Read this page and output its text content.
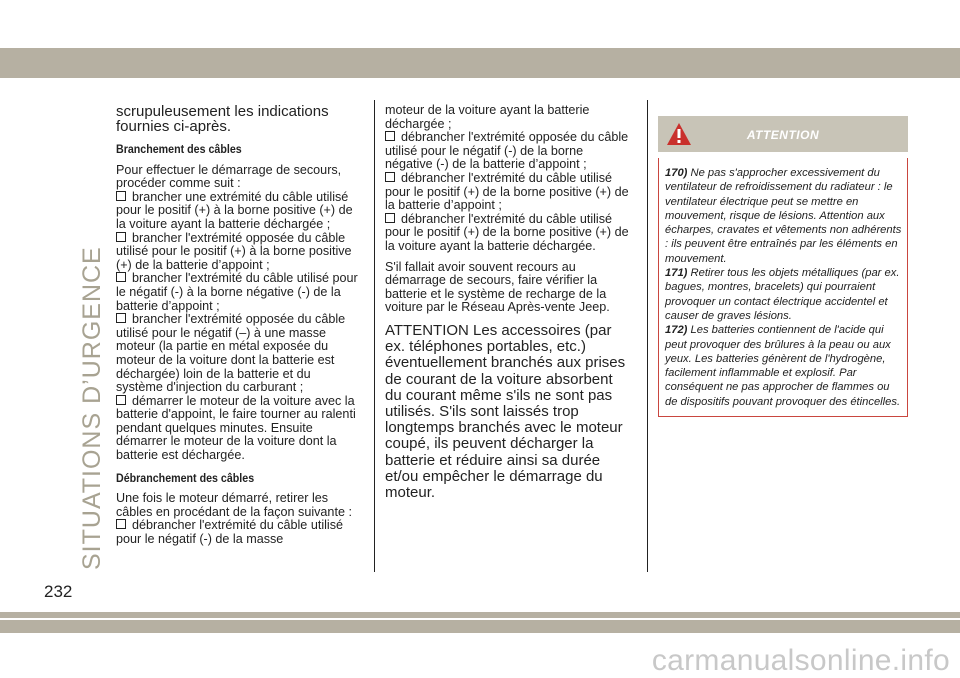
SITUATIONS D’URGENCE

scrupuleusement les indications fournies ci-après.

Branchement des câbles

Pour effectuer le démarrage de secours, procéder comme suit :

brancher une extrémité du câble utilisé pour le positif (+) à la borne positive (+) de la voiture ayant la batterie déchargée ;

brancher l'extrémité opposée du câble utilisé pour le positif (+) à la borne positive (+) de la batterie d’appoint ;

brancher l'extrémité du câble utilisé pour le négatif (-) à la borne négative (-) de la batterie d’appoint ;

brancher l'extrémité opposée du câble utilisé pour le négatif (–) à une masse moteur (la partie en métal exposée du moteur de la voiture dont la batterie est déchargée) loin de la batterie et du système d'injection du carburant ;

démarrer le moteur de la voiture avec la batterie d'appoint, le faire tourner au ralenti pendant quelques minutes. Ensuite démarrer le moteur de la voiture dont la batterie est déchargée.

Débranchement des câbles

Une fois le moteur démarré, retirer les câbles en procédant de la façon suivante :

débrancher l'extrémité du câble utilisé pour le négatif (-) de la masse

moteur de la voiture ayant la batterie déchargée ;

débrancher l'extrémité opposée du câble utilisé pour le négatif (-) de la borne négative (-) de la batterie d’appoint ;

débrancher l'extrémité du câble utilisé pour le positif (+) de la borne positive (+) de la batterie d’appoint ;

débrancher l'extrémité du câble utilisé pour le positif (+) de la borne positive (+) de la voiture ayant la batterie déchargée.

S'il fallait avoir souvent recours au démarrage de secours, faire vérifier la batterie et le système de recharge de la voiture par le Réseau Après-vente Jeep.

ATTENTION Les accessoires (par ex. téléphones portables, etc.) éventuellement branchés aux prises de courant de la voiture absorbent du courant même s'ils ne sont pas utilisés. S'ils sont laissés trop longtemps branchés avec le moteur coupé, ils peuvent décharger la batterie et réduire ainsi sa durée et/ou empêcher le démarrage du moteur.

ATTENTION
170) Ne pas s'approcher excessivement du ventilateur de refroidissement du radiateur : le ventilateur électrique peut se mettre en mouvement, risque de lésions. Attention aux écharpes, cravates et vêtements non adhérents : ils peuvent être entraînés par les éléments en mouvement.
171) Retirer tous les objets métalliques (par ex. bagues, montres, bracelets) qui pourraient provoquer un contact électrique accidentel et causer de graves lésions.
172) Les batteries contiennent de l'acide qui peut provoquer des brûlures à la peau ou aux yeux. Les batteries génèrent de l'hydrogène, facilement inflammable et explosif. Par conséquent ne pas approcher de flammes ou de dispositifs pouvant provoquer des étincelles.
232
carmanualsonline.info
